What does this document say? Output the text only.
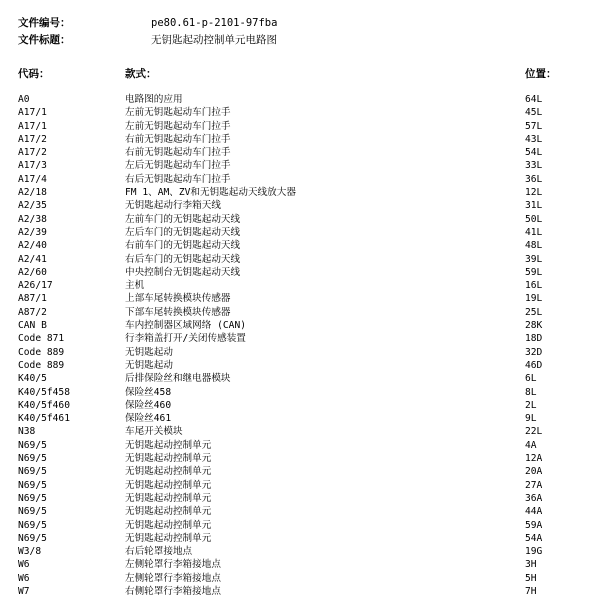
文件编号：	pe80.61-p-2101-97fba
文件标题：	无钥匙起动控制单元电路图
代码：	款式：	位置：
A0	电路图的应用	64L
A17/1	左前无钥匙起动车门拉手	45L
A17/1	左前无钥匙起动车门拉手	57L
A17/2	右前无钥匙起动车门拉手	43L
A17/2	右前无钥匙起动车门拉手	54L
A17/3	左后无钥匙起动车门拉手	33L
A17/4	右后无钥匙起动车门拉手	36L
A2/18	FM 1、AM、ZV和无钥匙起动天线放大器	12L
A2/35	无钥匙起动行李箱天线	31L
A2/38	左前车门的无钥匙起动天线	50L
A2/39	左后车门的无钥匙起动天线	41L
A2/40	右前车门的无钥匙起动天线	48L
A2/41	右后车门的无钥匙起动天线	39L
A2/60	中央控制台无钥匙起动天线	59L
A26/17	主机	16L
A87/1	上部车尾转换模块传感器	19L
A87/2	下部车尾转换模块传感器	25L
CAN B	车内控制器区域网络 (CAN)	28K
Code 871	行李箱盖打开/关闭传感装置	18D
Code 889	无钥匙起动	32D
Code 889	无钥匙起动	46D
K40/5	后排保险丝和继电器模块	6L
K40/5f458	保险丝458	8L
K40/5f460	保险丝460	2L
K40/5f461	保险丝461	9L
N38	车尾开关模块	22L
N69/5	无钥匙起动控制单元	4A
N69/5	无钥匙起动控制单元	12A
N69/5	无钥匙起动控制单元	20A
N69/5	无钥匙起动控制单元	27A
N69/5	无钥匙起动控制单元	36A
N69/5	无钥匙起动控制单元	44A
N69/5	无钥匙起动控制单元	59A
N69/5	无钥匙起动控制单元	54A
W3/8	右后轮罩接地点	19G
W6	左侧轮罩行李箱接地点	3H
W6	左侧轮罩行李箱接地点	5H
W7	右侧轮罩行李箱接地点	7H
